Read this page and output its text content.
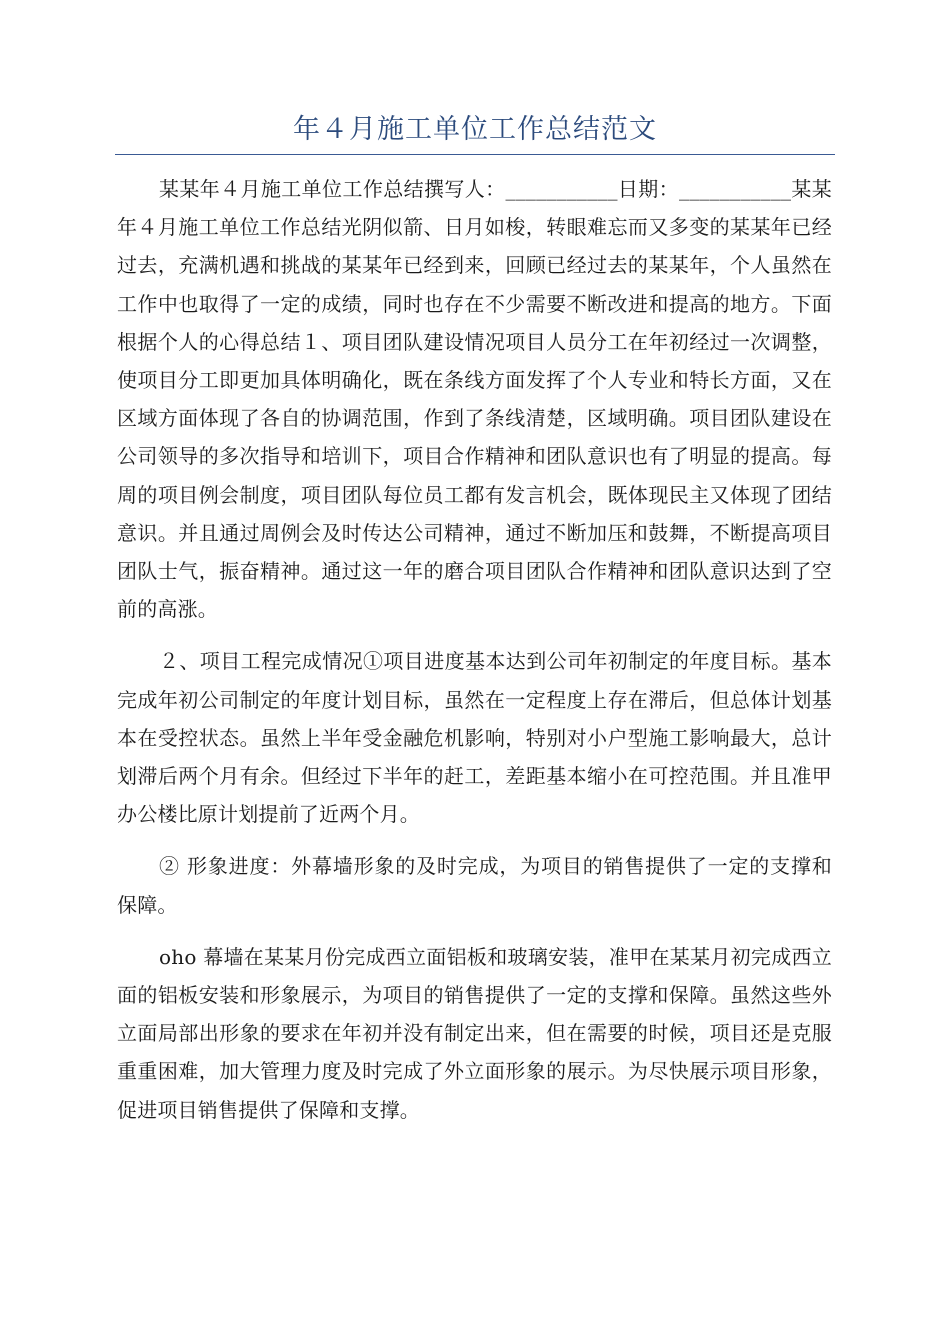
年４月施工单位工作总结范文

某某年４月施工单位工作总结撰写人：___________日期：___________某某年４月施工单位工作总结光阴似箭、日月如梭，转眼难忘而又多变的某某年已经过去，充满机遇和挑战的某某年已经到来，回顾已经过去的某某年，个人虽然在工作中也取得了一定的成绩，同时也存在不少需要不断改进和提高的地方。下面根据个人的心得总结１、项目团队建设情况项目人员分工在年初经过一次调整，使项目分工即更加具体明确化，既在条线方面发挥了个人专业和特长方面，又在区域方面体现了各自的协调范围，作到了条线清楚，区域明确。项目团队建设在公司领导的多次指导和培训下，项目合作精神和团队意识也有了明显的提高。每周的项目例会制度，项目团队每位员工都有发言机会，既体现民主又体现了团结意识。并且通过周例会及时传达公司精神，通过不断加压和鼓舞，不断提高项目团队士气，振奋精神。通过这一年的磨合项目团队合作精神和团队意识达到了空前的高涨。

２、项目工程完成情况①项目进度基本达到公司年初制定的年度目标。基本完成年初公司制定的年度计划目标，虽然在一定程度上存在滞后，但总体计划基本在受控状态。虽然上半年受金融危机影响，特别对小户型施工影响最大，总计划滞后两个月有余。但经过下半年的赶工，差距基本缩小在可控范围。并且准甲办公楼比原计划提前了近两个月。

② 形象进度：外幕墙形象的及时完成，为项目的销售提供了一定的支撑和保障。

oho 幕墙在某某月份完成西立面铝板和玻璃安装，准甲在某某月初完成西立面的铝板安装和形象展示，为项目的销售提供了一定的支撑和保障。虽然这些外立面局部出形象的要求在年初并没有制定出来，但在需要的时候，项目还是克服重重困难，加大管理力度及时完成了外立面形象的展示。为尽快展示项目形象，促进项目销售提供了保障和支撑。
